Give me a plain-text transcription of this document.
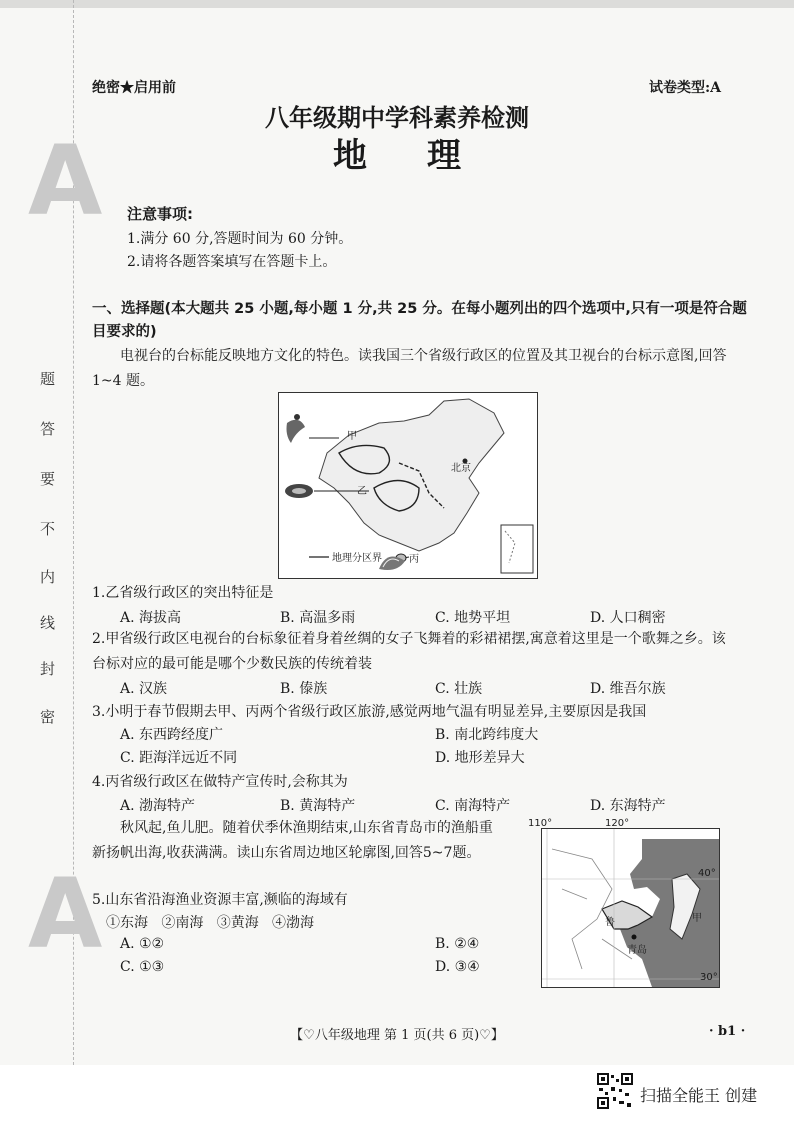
A
A
题
答
要
不
内
线
封
密
绝密★启用前	试卷类型:A
八年级期中学科素养检测
地理
注意事项:
1.满分 60 分,答题时间为 60 分钟。
2.请将各题答案填写在答题卡上。
一、选择题(本大题共 25 小题,每小题 1 分,共 25 分。在每小题列出的四个选项中,只有一项是符合题目要求的)
电视台的台标能反映地方文化的特色。读我国三个省级行政区的位置及其卫视台的台标示意图,回答 1~4 题。
甲
乙
丙
北京
地理分区界
1.乙省级行政区的突出特征是
A. 海拔高	B. 高温多雨	C. 地势平坦	D. 人口稠密
2.甲省级行政区电视台的台标象征着身着丝绸的女子飞舞着的彩裙裙摆,寓意着这里是一个歌舞之乡。该台标对应的最可能是哪个少数民族的传统着装
A. 汉族	B. 傣族	C. 壮族	D. 维吾尔族
3.小明于春节假期去甲、丙两个省级行政区旅游,感觉两地气温有明显差异,主要原因是我国
A. 东西跨经度广	B. 南北跨纬度大
C. 距海洋远近不同	D. 地形差异大
4.丙省级行政区在做特产宣传时,会称其为
A. 渤海特产	B. 黄海特产	C. 南海特产	D. 东海特产
秋风起,鱼儿肥。随着伏季休渔期结束,山东省青岛市的渔船重新扬帆出海,收获满满。读山东省周边地区轮廓图,回答5~7题。
鲁
青岛
甲
110°	120°
40°
30°
5.山东省沿海渔业资源丰富,濒临的海域有
①东海   ②南海   ③黄海   ④渤海
A. ①②	B. ②④
C. ①③	D. ③④
【♡八年级地理 第 1 页(共 6 页)♡】	· b1 ·
扫描全能王 创建
